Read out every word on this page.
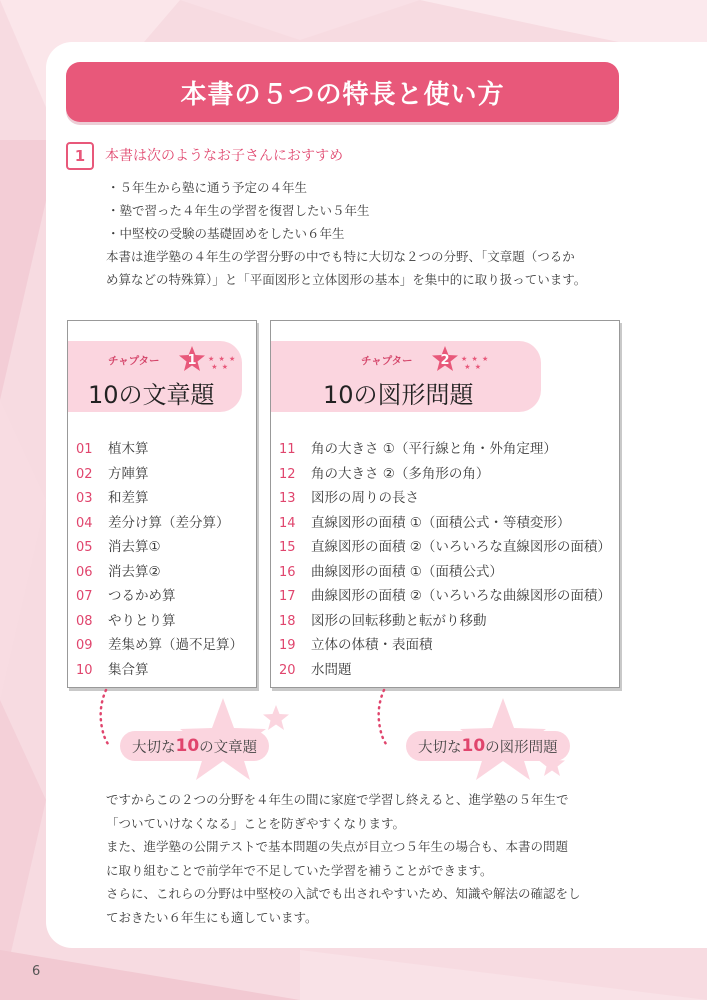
本書の５つの特長と使い方
1	本書は次のようなお子さんにおすすめ
・５年生から塾に通う予定の４年生
・塾で習った４年生の学習を復習したい５年生
・中堅校の受験の基礎固めをしたい６年生
本書は進学塾の４年生の学習分野の中でも特に大切な２つの分野、「文章題（つるか
め算などの特殊算）」と「平面図形と立体図形の基本」を集中的に取り扱っています。
チャプター	1	★ ★ ★
★ ★
10の文章題
01 植木算
02 方陣算
03 和差算
04 差分け算（差分算）
05 消去算①
06 消去算②
07 つるかめ算
08 やりとり算
09 差集め算（過不足算）
10 集合算
チャプター	2	★ ★ ★
★ ★
10の図形問題
11 角の大きさ ①（平行線と角・外角定理）
12 角の大きさ ②（多角形の角）
13 図形の周りの長さ
14 直線図形の面積 ①（面積公式・等積変形）
15 直線図形の面積 ②（いろいろな直線図形の面積）
16 曲線図形の面積 ①（面積公式）
17 曲線図形の面積 ②（いろいろな曲線図形の面積）
18 図形の回転移動と転がり移動
19 立体の体積・表面積
20 水問題
大切な 10 の文章題	大切な 10 の図形問題
ですからこの２つの分野を４年生の間に家庭で学習し終えると、進学塾の５年生で
「ついていけなくなる」ことを防ぎやすくなります。
また、進学塾の公開テストで基本問題の失点が目立つ５年生の場合も、本書の問題
に取り組むことで前学年で不足していた学習を補うことができます。
さらに、これらの分野は中堅校の入試でも出されやすいため、知識や解法の確認をし
ておきたい６年生にも適しています。
6
